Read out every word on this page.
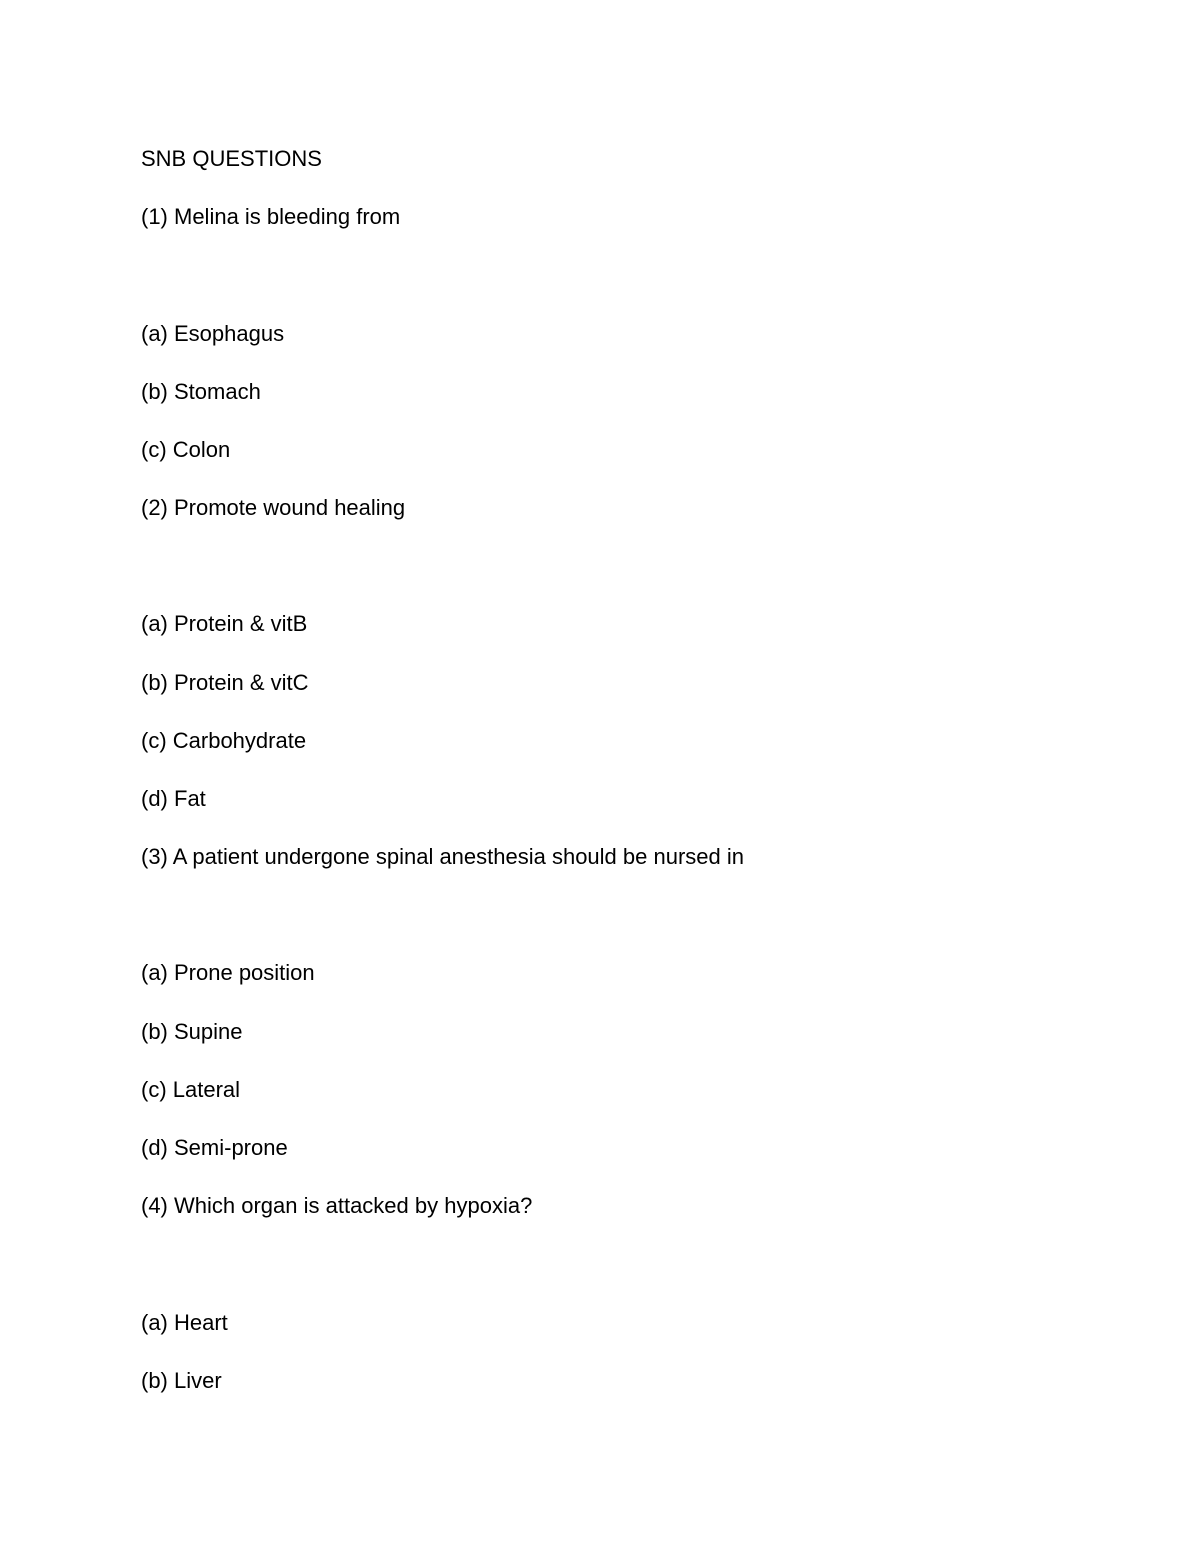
SNB QUESTIONS

(1) Melina is bleeding from

(a) Esophagus

(b) Stomach

(c) Colon

(2) Promote wound healing

(a) Protein & vitB

(b) Protein & vitC

(c) Carbohydrate

(d) Fat

(3) A patient undergone spinal anesthesia should be nursed in

(a) Prone position

(b) Supine

(c) Lateral

(d) Semi-prone

(4) Which organ is attacked by hypoxia?

(a) Heart

(b) Liver
